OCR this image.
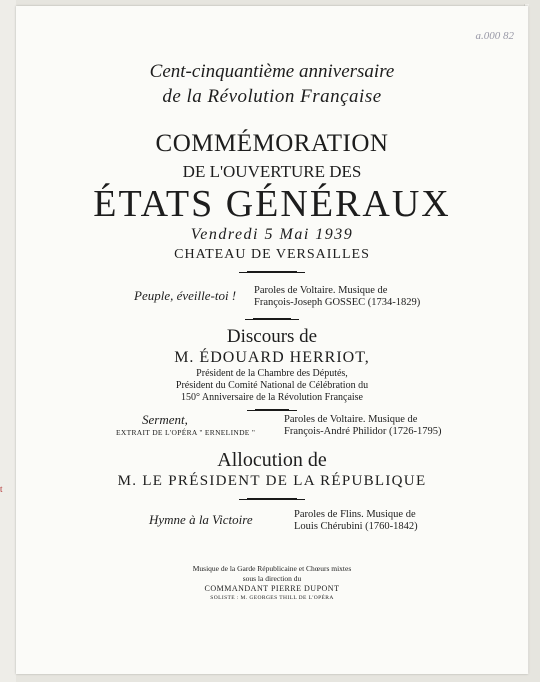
t
a.000 82
Cent-cinquantième anniversaire
de la Révolution Française
COMMÉMORATION
DE L'OUVERTURE DES
ÉTATS GÉNÉRAUX
Vendredi 5 Mai 1939
CHATEAU DE VERSAILLES
Peuple, éveille-toi !	Paroles de Voltaire. Musique de
François-Joseph GOSSEC (1734-1829)
Discours de
M. ÉDOUARD HERRIOT,
Président de la Chambre des Députés,
Président du Comité National de Célébration du
150° Anniversaire de la Révolution Française
Serment,
EXTRAIT DE L'OPÉRA " ERNELINDE "
Paroles de Voltaire. Musique de
François-André Philidor (1726-1795)
Allocution de
M. LE PRÉSIDENT DE LA RÉPUBLIQUE
Hymne à la Victoire	Paroles de Flins. Musique de
Louis Chérubini (1760-1842)
Musique de la Garde Républicaine et Chœurs mixtes
sous la direction du
COMMANDANT PIERRE DUPONT
SOLISTE : M. GEORGES THILL DE L'OPÉRA
